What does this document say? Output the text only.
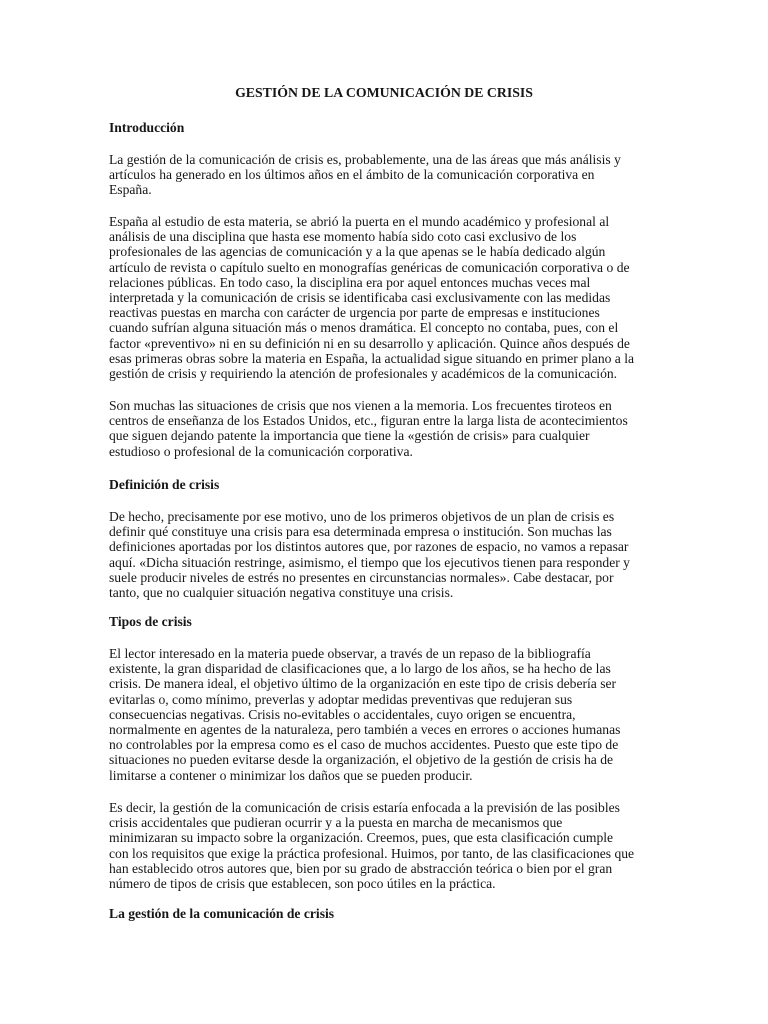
GESTIÓN DE LA COMUNICACIÓN DE CRISIS
Introducción
La gestión de la comunicación de crisis es, probablemente, una de las áreas que más análisis y
artículos ha generado en los últimos años en el ámbito de la comunicación corporativa en
España.
España al estudio de esta materia, se abrió la puerta en el mundo académico y profesional al
análisis de una disciplina que hasta ese momento había sido coto casi exclusivo de los
profesionales de las agencias de comunicación y a la que apenas se le había dedicado algún
artículo de revista o capítulo suelto en monografías genéricas de comunicación corporativa o de
relaciones públicas. En todo caso, la disciplina era por aquel entonces muchas veces mal
interpretada y la comunicación de crisis se identificaba casi exclusivamente con las medidas
reactivas puestas en marcha con carácter de urgencia por parte de empresas e instituciones
cuando sufrían alguna situación más o menos dramática. El concepto no contaba, pues, con el
factor «preventivo» ni en su definición ni en su desarrollo y aplicación. Quince años después de
esas primeras obras sobre la materia en España, la actualidad sigue situando en primer plano a la
gestión de crisis y requiriendo la atención de profesionales y académicos de la comunicación.
Son muchas las situaciones de crisis que nos vienen a la memoria. Los frecuentes tiroteos en
centros de enseñanza de los Estados Unidos, etc., figuran entre la larga lista de acontecimientos
que siguen dejando patente la importancia que tiene la «gestión de crisis» para cualquier
estudioso o profesional de la comunicación corporativa.
Definición de crisis
De hecho, precisamente por ese motivo, uno de los primeros objetivos de un plan de crisis es
definir qué constituye una crisis para esa determinada empresa o institución. Son muchas las
definiciones aportadas por los distintos autores que, por razones de espacio, no vamos a repasar
aquí. «Dicha situación restringe, asimismo, el tiempo que los ejecutivos tienen para responder y
suele producir niveles de estrés no presentes en circunstancias normales». Cabe destacar, por
tanto, que no cualquier situación negativa constituye una crisis.
Tipos de crisis
El lector interesado en la materia puede observar, a través de un repaso de la bibliografía
existente, la gran disparidad de clasificaciones que, a lo largo de los años, se ha hecho de las
crisis. De manera ideal, el objetivo último de la organización en este tipo de crisis debería ser
evitarlas o, como mínimo, preverlas y adoptar medidas preventivas que redujeran sus
consecuencias negativas. Crisis no-evitables o accidentales, cuyo origen se encuentra,
normalmente en agentes de la naturaleza, pero también a veces en errores o acciones humanas
no controlables por la empresa como es el caso de muchos accidentes. Puesto que este tipo de
situaciones no pueden evitarse desde la organización, el objetivo de la gestión de crisis ha de
limitarse a contener o minimizar los daños que se pueden producir.
Es decir, la gestión de la comunicación de crisis estaría enfocada a la previsión de las posibles
crisis accidentales que pudieran ocurrir y a la puesta en marcha de mecanismos que
minimizaran su impacto sobre la organización. Creemos, pues, que esta clasificación cumple
con los requisitos que exige la práctica profesional. Huimos, por tanto, de las clasificaciones que
han establecido otros autores que, bien por su grado de abstracción teórica o bien por el gran
número de tipos de crisis que establecen, son poco útiles en la práctica.
La gestión de la comunicación de crisis
